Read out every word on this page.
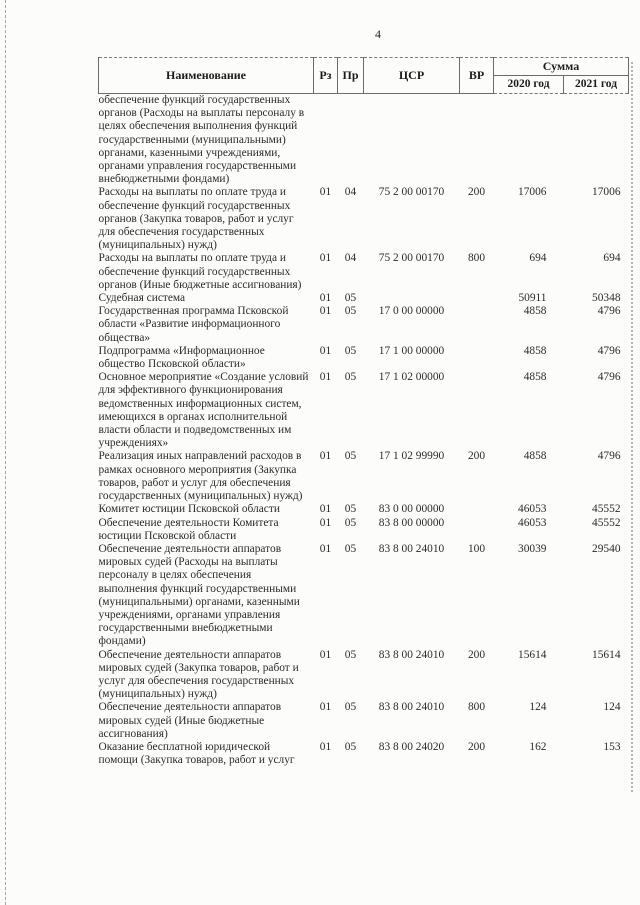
4
Наименование	Рз	Пр	ЦСР	ВР	Сумма	
					2020 год	2021 год
обеспечение функций государственных органов (Расходы на выплаты персоналу в целях обеспечения выполнения функций государственными (муниципальными) органами, казенными учреждениями, органами управления государственными внебюджетными фондами)						
Расходы на выплаты по оплате труда и обеспечение функций государственных органов (Закупка товаров, работ и услуг для обеспечения государственных (муниципальных) нужд)	01	04	75 2 00 00170	200	17006	17006
Расходы на выплаты по оплате труда и обеспечение функций государственных органов (Иные бюджетные ассигнования)	01	04	75 2 00 00170	800	694	694
Судебная система	01	05			50911	50348
Государственная программа Псковской области «Развитие информационного общества»	01	05	17 0 00 00000		4858	4796
Подпрограмма «Информационное общество Псковской области»	01	05	17 1 00 00000		4858	4796
Основное мероприятие «Создание условий для эффективного функционирования ведомственных информационных систем, имеющихся в органах исполнительной власти области и подведомственных им учреждениях»	01	05	17 1 02 00000		4858	4796
Реализация иных направлений расходов в рамках основного мероприятия (Закупка товаров, работ и услуг для обеспечения государственных (муниципальных) нужд)	01	05	17 1 02 99990	200	4858	4796
Комитет юстиции Псковской области	01	05	83 0 00 00000		46053	45552
Обеспечение деятельности Комитета юстиции Псковской области	01	05	83 8 00 00000		46053	45552
Обеспечение деятельности аппаратов мировых судей (Расходы на выплаты персоналу в целях обеспечения выполнения функций государственными (муниципальными) органами, казенными учреждениями, органами управления государственными внебюджетными фондами)	01	05	83 8 00 24010	100	30039	29540
Обеспечение деятельности аппаратов мировых судей (Закупка товаров, работ и услуг для обеспечения государственных (муниципальных) нужд)	01	05	83 8 00 24010	200	15614	15614
Обеспечение деятельности аппаратов мировых судей (Иные бюджетные ассигнования)	01	05	83 8 00 24010	800	124	124
Оказание бесплатной юридической помощи (Закупка товаров, работ и услуг	01	05	83 8 00 24020	200	162	153
